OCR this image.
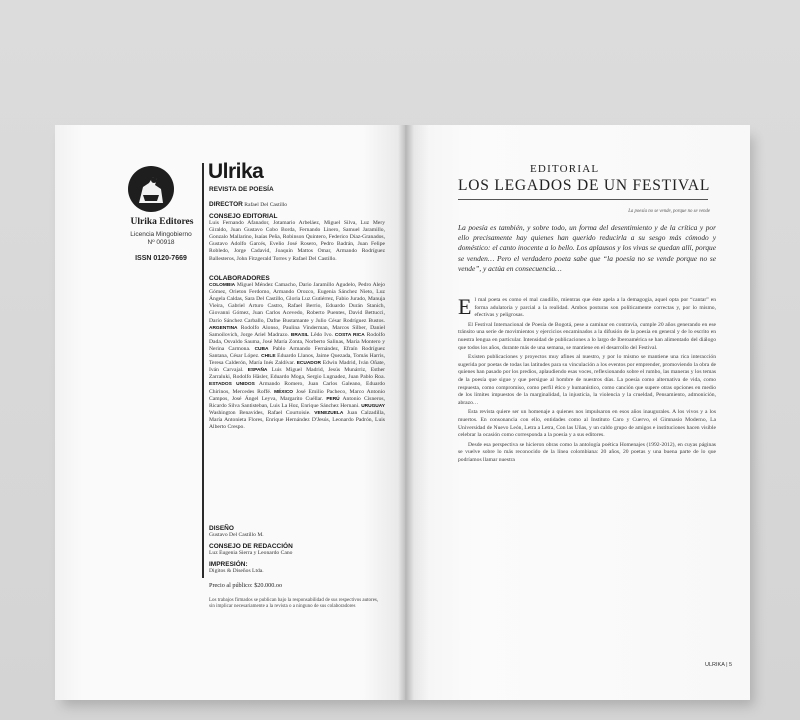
Ulrika Editores
Licencia Mingobierno
Nº 00918
ISSN 0120-7669
Ulrika
REVISTA DE POESÍA
DIRECTOR Rafael Del Castillo
CONSEJO EDITORIAL
Luis Fernando Afanador, Jotamario Arbeláez, Miguel Silva, Luz Mery Giraldo, Juan Gustavo Cobo Borda, Fernando Linero, Samuel Jaramillo, Gonzalo Mallarino, Isaías Peña, Robinson Quintero, Federico Díaz-Granados, Gustavo Adolfo Garcés, Evelio José Rosero, Pedro Badrán, Juan Felipe Robledo, Jorge Cadavid, Joaquín Mattos Omar, Armando Rodríguez Ballesteros, John Fitzgerald Torres y Rafael Del Castillo.
COLABORADORES
COLOMBIA Miguel Méndez Camacho, Dario Jaramillo Agudelo, Pedro Alejo Gómez, Orieton Ferdomo, Armando Orozco, Eugenia Sánchez Nieto, Luz Ángela Caldas, Sara Del Castillo, Gloria Luz Gutiérrez, Fabio Jurado, Manuja Vieira, Gabriel Arturo Castro, Rafael Berrio, Eduardo Durán Stanich, Giovanni Gómez, Juan Carlos Acevedo, Roberto Puentes, David Bettucci, Darío Sánchez Carballo, Dafne Bustamante y Julio César Rodríguez Bustos. ARGENTINA Rodolfo Alonso, Paulina Vinderman, Marcos Silber, Daniel Samoilovich, Jorge Ariel Madrazo. BRASIL Lêdo Ivo. COSTA RICA Rodolfo Dada, Osvaldo Sauma, José María Zonta, Norberto Salinas, María Montero y Nerina Carmona. CUBA Pablo Armando Fernández, Efraín Rodríguez Santana, César López. CHILE Eduardo Llanos, Jaime Quezada, Tomás Harris, Teresa Calderón, María Inés Zaldívar. ECUADOR Edwin Madrid, Iván Oñate, Iván Carvajal. ESPAÑA Luis Miguel Madrid, Jesús Munárriz, Esther Zarraluki, Rodolfo Häsler, Eduardo Moga, Sergio Lugnadez, Juan Pablo Roa. ESTADOS UNIDOS Armando Romero, Juan Carlos Galeano, Eduardo Chirinos, Mercedes Roffé. MÉXICO José Emilio Pacheco, Marco Antonio Campos, José Ángel Leyva, Margarito Cuéllar. PERÚ Antonio Cisneros, Ricardo Silva Santisteban, Luis La Hoz, Enrique Sánchez Hernani. URUGUAY Washington Benavides, Rafael Courtoisie. VENEZUELA Juan Calzadilla, María Antonieta Flores, Enrique Hernández D'Jesús, Leonardo Padrón, Luis Alberto Crespo.
DISEÑO
Gustavo Del Castillo M.
CONSEJO DE REDACCIÓN
Luz Eugenia Sierra y Leonardo Cano
IMPRESIÓN:
Digitos & Diseños Ltda.
Precio al público: $20.000.oo
Los trabajos firmados se publican bajo la responsabilidad de sus respectivos autores, sin implicar necesariamente a la revista o a ninguno de sus colaboradores
EDITORIAL
LOS LEGADOS DE UN FESTIVAL
La poesía no se vende, porque no se vende
La poesía es también, y sobre todo, un forma del desentimiento y de la crítica y por ello precisamente hay quienes han querido reducirla a su sesgo más cómodo y doméstico: el canto inocente a lo bello. Los aplausos y los vivas se quedan allí, porque se venden… Pero el verdadero poeta sabe que “la poesía no se vende porque no se vende”, y actúa en consecuencia…

El mal poeta es como el mal caudillo, mientras que éste apela a la demagogia, aquel opta por “cantar” en forma adulatoria y parcial a la realidad. Ambos posturas son políticamente correctas y, por lo mismo, efectivas y peligrosas.

El Festival Internacional de Poesía de Bogotá, pese a caminar en contravía, cumple 20 años generando en ese tránsito una serie de movimientos y ejercicios encaminados a la difusión de la poesía en general y de lo escrito en nuestra lengua en particular. Intensidad de publicaciones a lo largo de Iberoamérica se han alimentado del diálogo que todos los años, durante más de una semana, se mantiene en el desarrollo del Festival.

Existen publicaciones y proyectos muy afines al nuestro, y por lo mismo se mantiene una rica interacción sugerida por poetas de todas las latitudes para su vinculación a los eventos por emprender, promoviendo la obra de quienes han pasado por los predios, aplaudiendo esas voces, reflexionando sobre el rumbo, las maneras y los temas de la poesía que sigue y que persigue al hombre de nuestros días. La poesía como alternativa de vida, como respuesta, como compromiso, como perfil ético y humanístico, como canción que supere otras opciones en medio de los límites impuestos de la marginalidad, la injusticia, la violencia y la crueldad, Pensamiento, admonición, abrazo…

Esta revista quiere ser un homenaje a quienes nos impulsaron en esos años inaugurales. A los vivos y a los muertos. En consonancia con ello, entidades como al Instituto Caro y Cuervo, el Gimnasio Moderno, La Universidad de Nuevo León, Letra a Letra, Con las Uñas, y un caldo grupo de amigos e instituciones hacen visible celebrar la ocasión como corresponda a la poesía y a sus editores.

Desde esa perspectiva se hicieron obras como la antología poética Homenajes (1992-2012), en cuyas páginas se vuelve sobre lo más reconocido de la línea colombiana: 20 años, 20 poetas y una buena parte de lo que podríamos llamar nuestra

ULRIKA | 5
